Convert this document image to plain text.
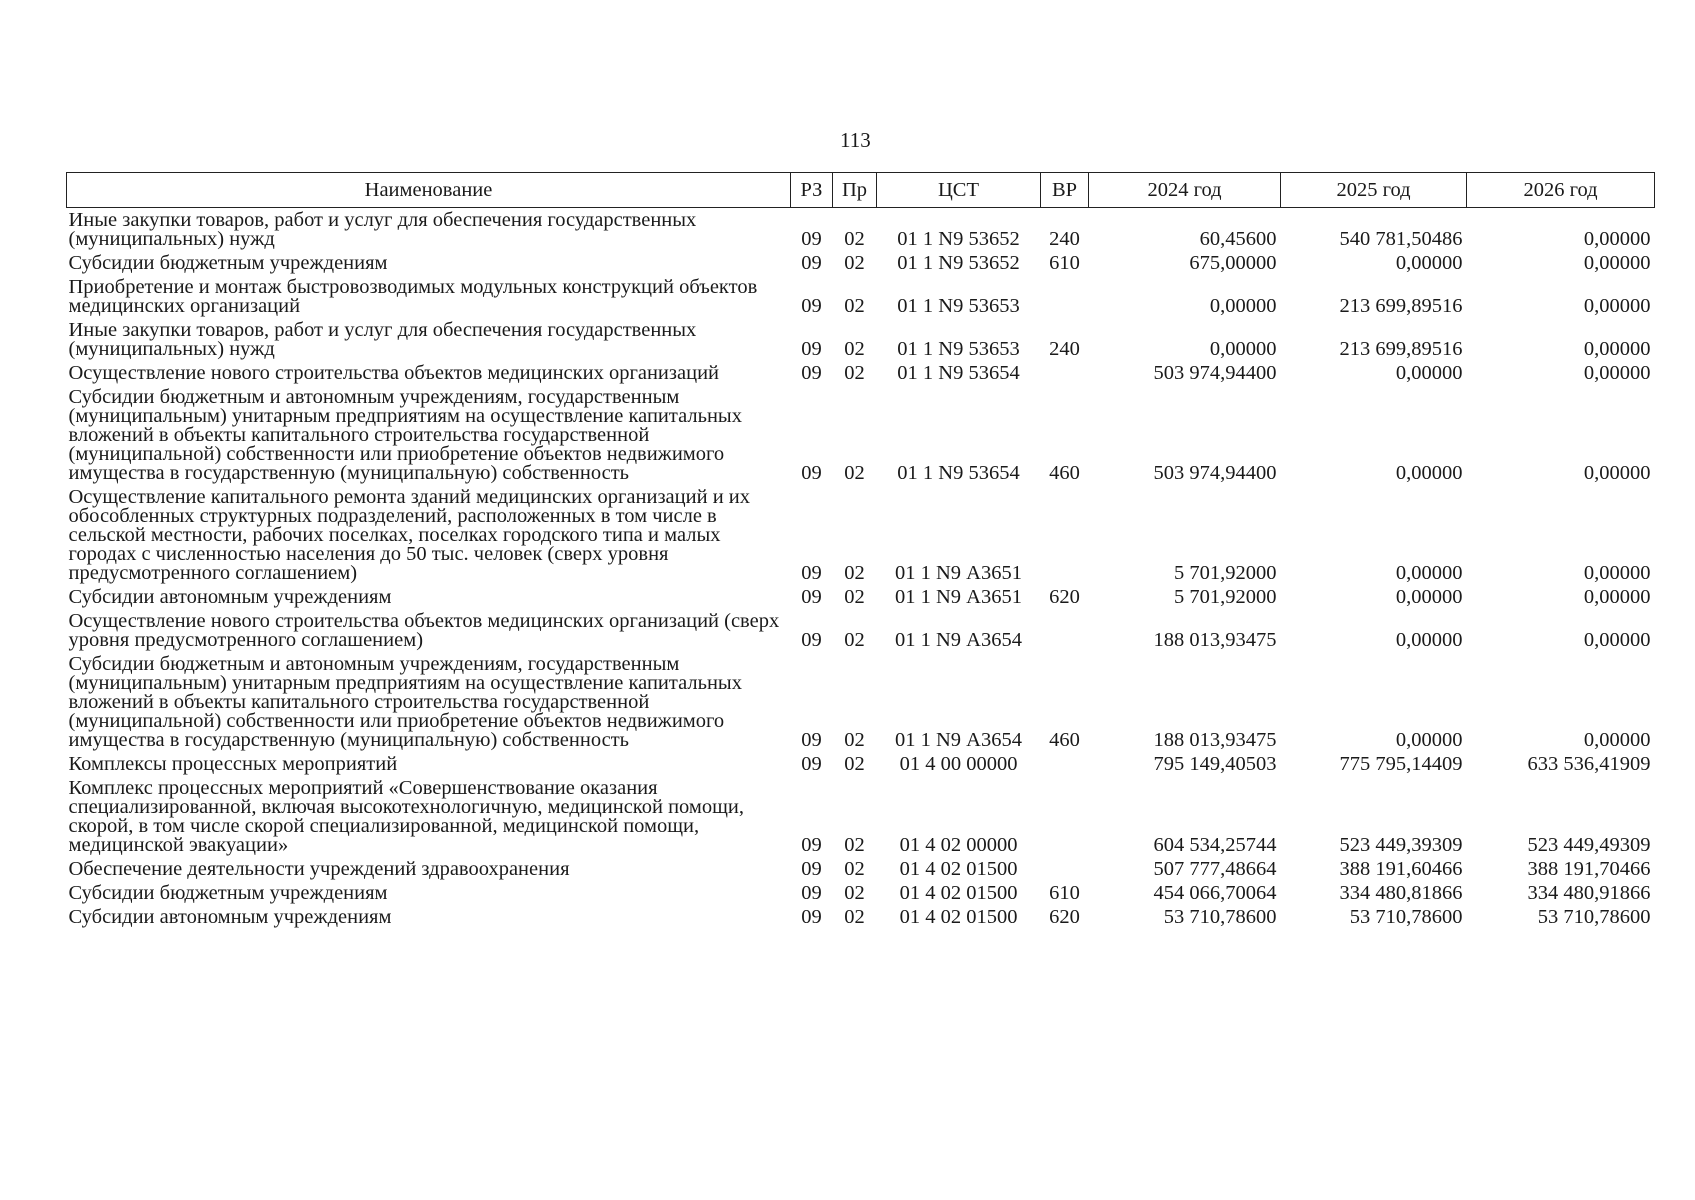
113
Наименование	РЗ	Пр	ЦСТ	ВР	2024 год	2025 год	2026 год
Иные закупки товаров, работ и услуг для обеспечения государственных (муниципальных) нужд	09	02	01 1 N9 53652	240	60,45600	540 781,50486	0,00000
Субсидии бюджетным учреждениям	09	02	01 1 N9 53652	610	675,00000	0,00000	0,00000
Приобретение и монтаж быстровозводимых модульных конструкций объектов медицинских организаций	09	02	01 1 N9 53653		0,00000	213 699,89516	0,00000
Иные закупки товаров, работ и услуг для обеспечения государственных (муниципальных) нужд	09	02	01 1 N9 53653	240	0,00000	213 699,89516	0,00000
Осуществление нового строительства объектов медицинских организаций	09	02	01 1 N9 53654		503 974,94400	0,00000	0,00000
Субсидии бюджетным и автономным учреждениям, государственным (муниципальным) унитарным предприятиям на осуществление капитальных вложений в объекты капитального строительства государственной (муниципальной) собственности или приобретение объектов недвижимого имущества в государственную (муниципальную) собственность	09	02	01 1 N9 53654	460	503 974,94400	0,00000	0,00000
Осуществление капитального ремонта зданий медицинских организаций и их обособленных структурных подразделений, расположенных в том числе в сельской местности, рабочих поселках, поселках городского типа и малых городах с численностью населения до 50 тыс. человек (сверх уровня предусмотренного соглашением)	09	02	01 1 N9 А3651		5 701,92000	0,00000	0,00000
Субсидии автономным учреждениям	09	02	01 1 N9 А3651	620	5 701,92000	0,00000	0,00000
Осуществление нового строительства объектов медицинских организаций (сверх уровня предусмотренного соглашением)	09	02	01 1 N9 А3654		188 013,93475	0,00000	0,00000
Субсидии бюджетным и автономным учреждениям, государственным (муниципальным) унитарным предприятиям на осуществление капитальных вложений в объекты капитального строительства государственной (муниципальной) собственности или приобретение объектов недвижимого имущества в государственную (муниципальную) собственность	09	02	01 1 N9 А3654	460	188 013,93475	0,00000	0,00000
Комплексы процессных мероприятий	09	02	01 4 00 00000		795 149,40503	775 795,14409	633 536,41909
Комплекс процессных мероприятий «Совершенствование оказания специализированной, включая высокотехнологичную, медицинской помощи, скорой, в том числе скорой специализированной, медицинской помощи, медицинской эвакуации»	09	02	01 4 02 00000		604 534,25744	523 449,39309	523 449,49309
Обеспечение деятельности учреждений здравоохранения	09	02	01 4 02 01500		507 777,48664	388 191,60466	388 191,70466
Субсидии бюджетным учреждениям	09	02	01 4 02 01500	610	454 066,70064	334 480,81866	334 480,91866
Субсидии автономным учреждениям	09	02	01 4 02 01500	620	53 710,78600	53 710,78600	53 710,78600
